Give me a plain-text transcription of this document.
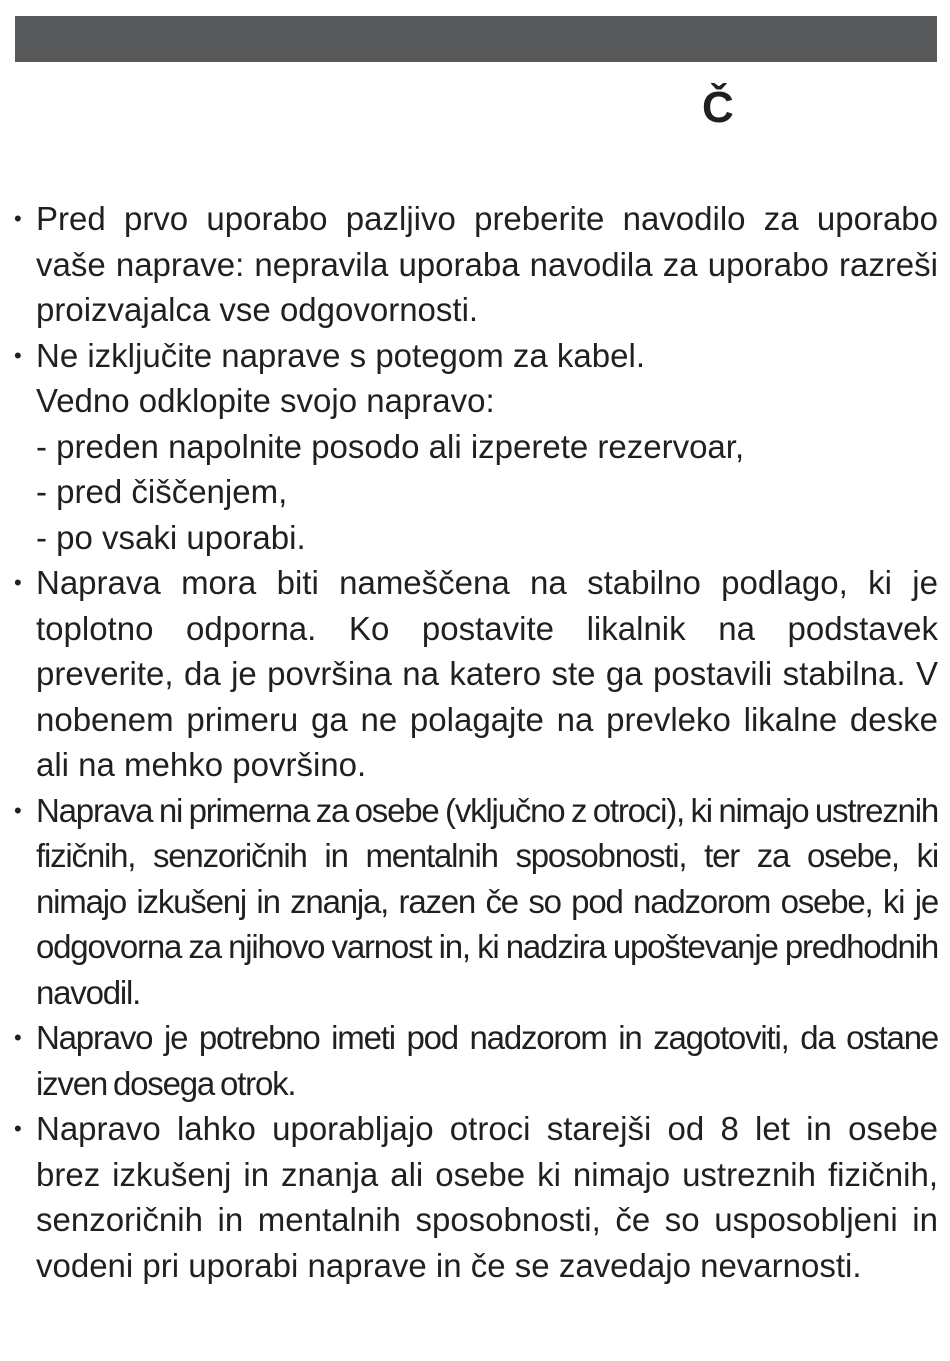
Č
• Pred prvo uporabo pazljivo preberite navodilo za uporabo vaše naprave: nepravila uporaba navodila za uporabo razreši proizvajalca vse odgovornosti.
• Ne izključite naprave s potegom za kabel.
Vedno odklopite svojo napravo:
- preden napolnite posodo ali izperete rezervoar,
- pred čiščenjem,
- po vsaki uporabi.
• Naprava mora biti nameščena na stabilno podlago, ki je toplotno odporna. Ko postavite likalnik na podstavek preverite, da je površina na katero ste ga postavili stabilna. V nobenem primeru ga ne polagajte na prevleko likalne deske ali na mehko površino.
• Naprava ni primerna za osebe (vključno z otroci), ki nimajo ustreznih fizičnih, senzoričnih in mentalnih sposobnosti, ter za osebe, ki nimajo izkušenj in znanja, razen če so pod nadzorom osebe, ki je odgovorna za njihovo varnost in, ki nadzira upoštevanje predhodnih navodil.
• Napravo je potrebno imeti pod nadzorom in zagotoviti, da ostane izven dosega otrok.
• Napravo lahko uporabljajo otroci starejši od 8 let in osebe brez izkušenj in znanja ali osebe ki nimajo ustreznih fizičnih, senzoričnih in mentalnih sposobnosti, če so usposobljeni in vodeni pri uporabi naprave in če se zavedajo nevarnosti.
